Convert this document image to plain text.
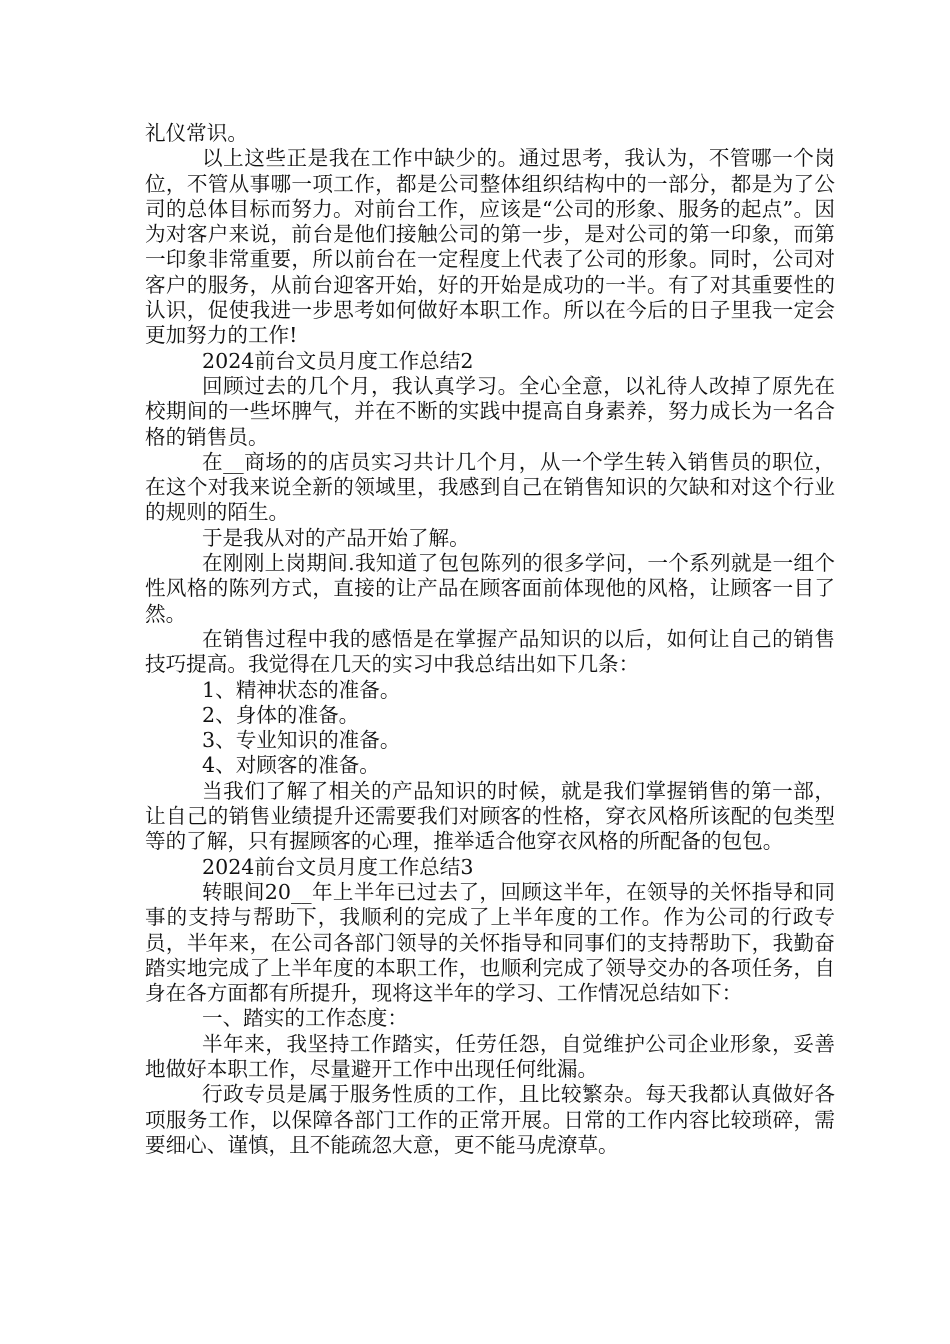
礼仪常识。

以上这些正是我在工作中缺少的。通过思考，我认为，不管哪一个岗位，不管从事哪一项工作，都是公司整体组织结构中的一部分，都是为了公司的总体目标而努力。对前台工作，应该是“公司的形象、服务的起点”。因为对客户来说，前台是他们接触公司的第一步，是对公司的第一印象，而第一印象非常重要，所以前台在一定程度上代表了公司的形象。同时，公司对客户的服务，从前台迎客开始，好的开始是成功的一半。有了对其重要性的认识，促使我进一步思考如何做好本职工作。所以在今后的日子里我一定会更加努力的工作!

2024前台文员月度工作总结2

回顾过去的几个月，我认真学习。全心全意，以礼待人改掉了原先在校期间的一些坏脾气，并在不断的实践中提高自身素养，努力成长为一名合格的销售员。

在__商场的的店员实习共计几个月，从一个学生转入销售员的职位，在这个对我来说全新的领域里，我感到自己在销售知识的欠缺和对这个行业的规则的陌生。

于是我从对的产品开始了解。

在刚刚上岗期间.我知道了包包陈列的很多学问，一个系列就是一组个性风格的陈列方式，直接的让产品在顾客面前体现他的风格，让顾客一目了然。

在销售过程中我的感悟是在掌握产品知识的以后，如何让自己的销售技巧提高。我觉得在几天的实习中我总结出如下几条：

1、精神状态的准备。

2、身体的准备。

3、专业知识的准备。

4、对顾客的准备。

当我们了解了相关的产品知识的时候，就是我们掌握销售的第一部，让自己的销售业绩提升还需要我们对顾客的性格，穿衣风格所该配的包类型等的了解，只有握顾客的心理，推举适合他穿衣风格的所配备的包包。

2024前台文员月度工作总结3

转眼间20__年上半年已过去了，回顾这半年，在领导的关怀指导和同事的支持与帮助下，我顺利的完成了上半年度的工作。作为公司的行政专员，半年来，在公司各部门领导的关怀指导和同事们的支持帮助下，我勤奋踏实地完成了上半年度的本职工作，也顺利完成了领导交办的各项任务，自身在各方面都有所提升，现将这半年的学习、工作情况总结如下：

一、踏实的工作态度：

半年来，我坚持工作踏实，任劳任怨，自觉维护公司企业形象，妥善地做好本职工作，尽量避开工作中出现任何纰漏。

行政专员是属于服务性质的工作，且比较繁杂。每天我都认真做好各项服务工作，以保障各部门工作的正常开展。日常的工作内容比较琐碎，需要细心、谨慎，且不能疏忽大意，更不能马虎潦草。
